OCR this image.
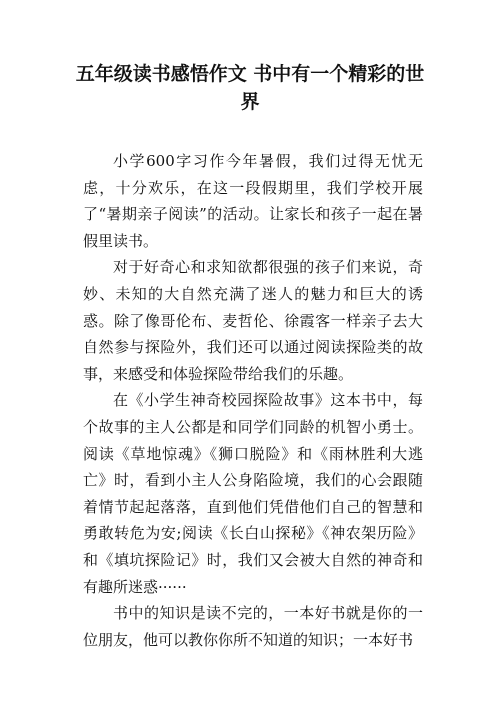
五年级读书感悟作文 书中有一个精彩的世界

小学600字习作今年暑假，我们过得无忧无虑，十分欢乐，在这一段假期里，我们学校开展了“暑期亲子阅读”的活动。让家长和孩子一起在暑假里读书。

对于好奇心和求知欲都很强的孩子们来说，奇妙、未知的大自然充满了迷人的魅力和巨大的诱惑。除了像哥伦布、麦哲伦、徐霞客一样亲子去大自然参与探险外，我们还可以通过阅读探险类的故事，来感受和体验探险带给我们的乐趣。

在《小学生神奇校园探险故事》这本书中，每个故事的主人公都是和同学们同龄的机智小勇士。阅读《草地惊魂》《狮口脱险》和《雨林胜利大逃亡》时，看到小主人公身陷险境，我们的心会跟随着情节起起落落，直到他们凭借他们自己的智慧和勇敢转危为安;阅读《长白山探秘》《神农架历险》和《填坑探险记》时，我们又会被大自然的神奇和有趣所迷惑······

书中的知识是读不完的，一本好书就是你的一位朋友，他可以教你你所不知道的知识；一本好书
